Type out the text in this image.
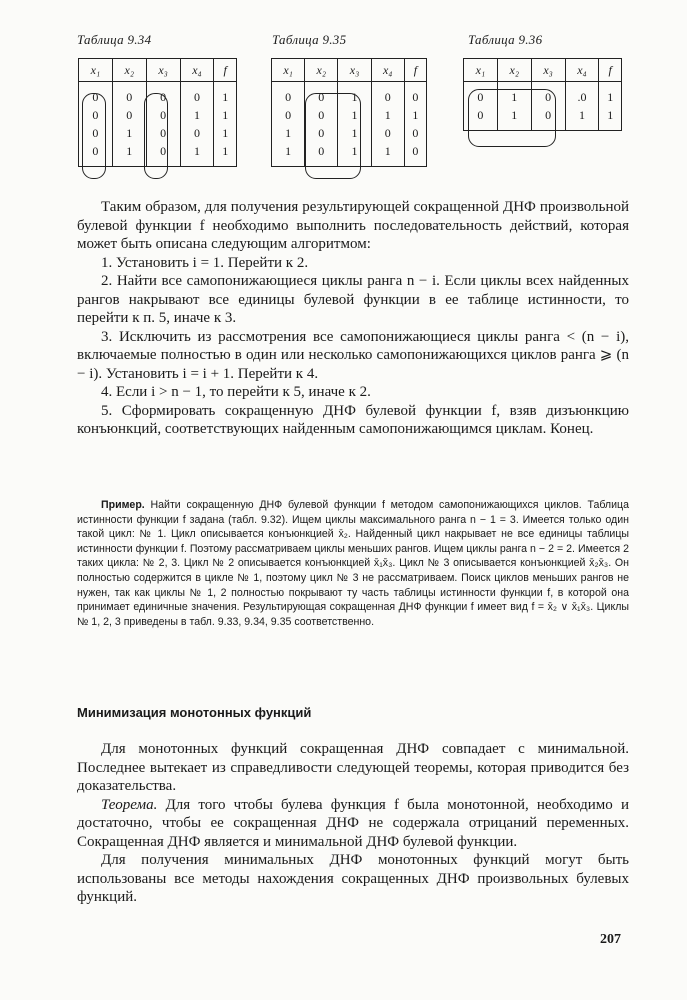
Таблица 9.34	Таблица 9.35	Таблица 9.36
x₁	x₂	x₃	x₄	f
0	0	0	0	1
0	0	0	1	1
0	1	0	0	1
0	1	0	1	1
x₁	x₂	x₃	x₄	f
0	0	1	0	0
0	0	1	1	1
1	0	1	0	0
1	0	1	1	0
x₁	x₂	x₃	x₄	f
0	1	0	.0	1
0	1	0	1	1

Таким образом, для получения результирующей сокращенной ДНФ произвольной булевой функции f необходимо выполнить последовательность действий, которая может быть описана следующим алгоритмом:

1. Установить i = 1. Перейти к 2.

2. Найти все самопонижающиеся циклы ранга n − i. Если циклы всех найденных рангов накрывают все единицы булевой функции в ее таблице истинности, то перейти к п. 5, иначе к 3.

3. Исключить из рассмотрения все самопонижающиеся циклы ранга < (n − i), включаемые полностью в один или несколько самопонижающихся циклов ранга ⩾ (n − i). Установить i = i + 1. Перейти к 4.

4. Если i > n − 1, то перейти к 5, иначе к 2.

5. Сформировать сокращенную ДНФ булевой функции f, взяв дизъюнкцию конъюнкций, соответствующих найденным самопонижающимся циклам. Конец.

Пример. Найти сокращенную ДНФ булевой функции f методом самопонижающихся циклов. Таблица истинности функции f задана (табл. 9.32). Ищем циклы максимального ранга n − 1 = 3. Имеется только один такой цикл: № 1. Цикл описывается конъюнкцией x̄₂. Найденный цикл накрывает не все единицы таблицы истинности функции f. Поэтому рассматриваем циклы меньших рангов. Ищем циклы ранга n − 2 = 2. Имеется 2 таких цикла: № 2, 3. Цикл № 2 описывается конъюнкцией x̄₁x̄₃. Цикл № 3 описывается конъюнкцией x̄₂x̄₃. Он полностью содержится в цикле № 1, поэтому цикл № 3 не рассматриваем. Поиск циклов меньших рангов не нужен, так как циклы № 1, 2 полностью покрывают ту часть таблицы истинности функции f, в которой она принимает единичные значения. Результирующая сокращенная ДНФ функции f имеет вид f = x̄₂ ∨ x̄₁x̄₃. Циклы № 1, 2, 3 приведены в табл. 9.33, 9.34, 9.35 соответственно.

Минимизация монотонных функций

Для монотонных функций сокращенная ДНФ совпадает с минимальной. Последнее вытекает из справедливости следующей теоремы, которая приводится без доказательства.

Теорема. Для того чтобы булева функция f была монотонной, необходимо и достаточно, чтобы ее сокращенная ДНФ не содержала отрицаний переменных. Сокращенная ДНФ является и минимальной ДНФ булевой функции.

Для получения минимальных ДНФ монотонных функций могут быть использованы все методы нахождения сокращенных ДНФ произвольных булевых функций.

207
